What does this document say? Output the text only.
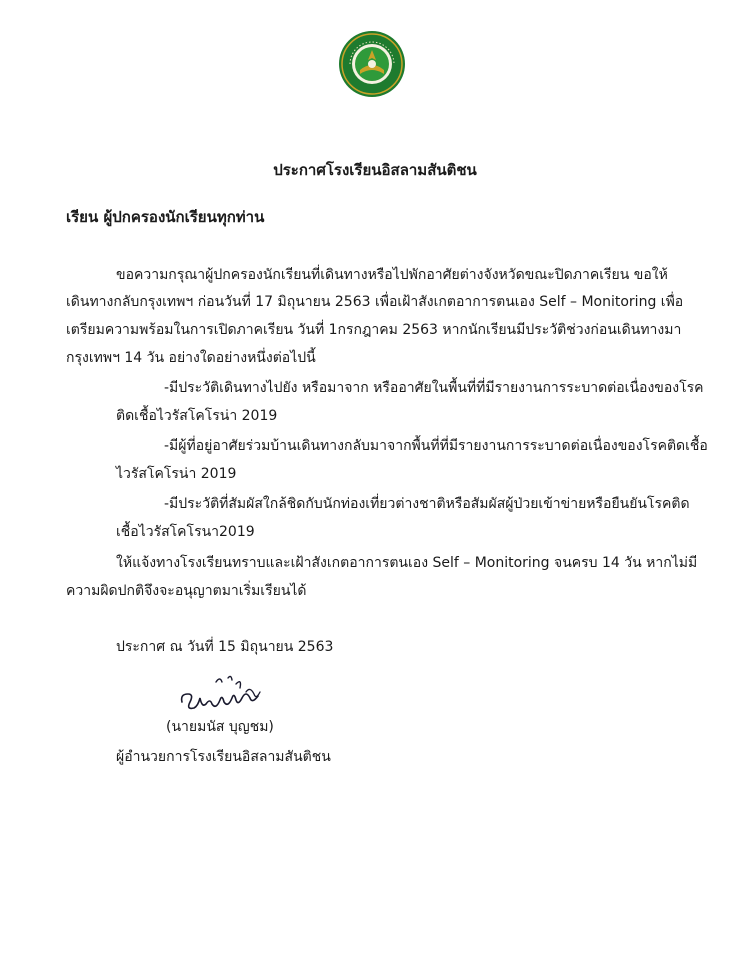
ประกาศโรงเรียนอิสลามสันติชน
เรียน ผู้ปกครองนักเรียนทุกท่าน
ขอความกรุณาผู้ปกครองนักเรียนที่เดินทางหรือไปพักอาศัยต่างจังหวัดขณะปิดภาคเรียน ขอให้
เดินทางกลับกรุงเทพฯ ก่อนวันที่ 17 มิถุนายน 2563 เพื่อเฝ้าสังเกตอาการตนเอง Self – Monitoring เพื่อ
เตรียมความพร้อมในการเปิดภาคเรียน วันที่ 1กรกฎาคม 2563 หากนักเรียนมีประวัติช่วงก่อนเดินทางมา
กรุงเทพฯ 14 วัน อย่างใดอย่างหนึ่งต่อไปนี้
-มีประวัติเดินทางไปยัง หรือมาจาก หรืออาศัยในพื้นที่ที่มีรายงานการระบาดต่อเนื่องของโรค
ติดเชื้อไวรัสโคโรน่า 2019
-มีผู้ที่อยู่อาศัยร่วมบ้านเดินทางกลับมาจากพื้นที่ที่มีรายงานการระบาดต่อเนื่องของโรคติดเชื้อ
ไวรัสโคโรน่า 2019
-มีประวัติที่สัมผัสใกล้ชิดกับนักท่องเที่ยวต่างชาติหรือสัมผัสผู้ป่วยเข้าข่ายหรือยืนยันโรคติด
เชื้อไวรัสโคโรนา2019
ให้แจ้งทางโรงเรียนทราบและเฝ้าสังเกตอาการตนเอง Self – Monitoring จนครบ 14 วัน หากไม่มี
ความผิดปกติจึงจะอนุญาตมาเริ่มเรียนได้
ประกาศ ณ วันที่ 15 มิถุนายน 2563
(นายมนัส บุญชม)
ผู้อำนวยการโรงเรียนอิสลามสันติชน
